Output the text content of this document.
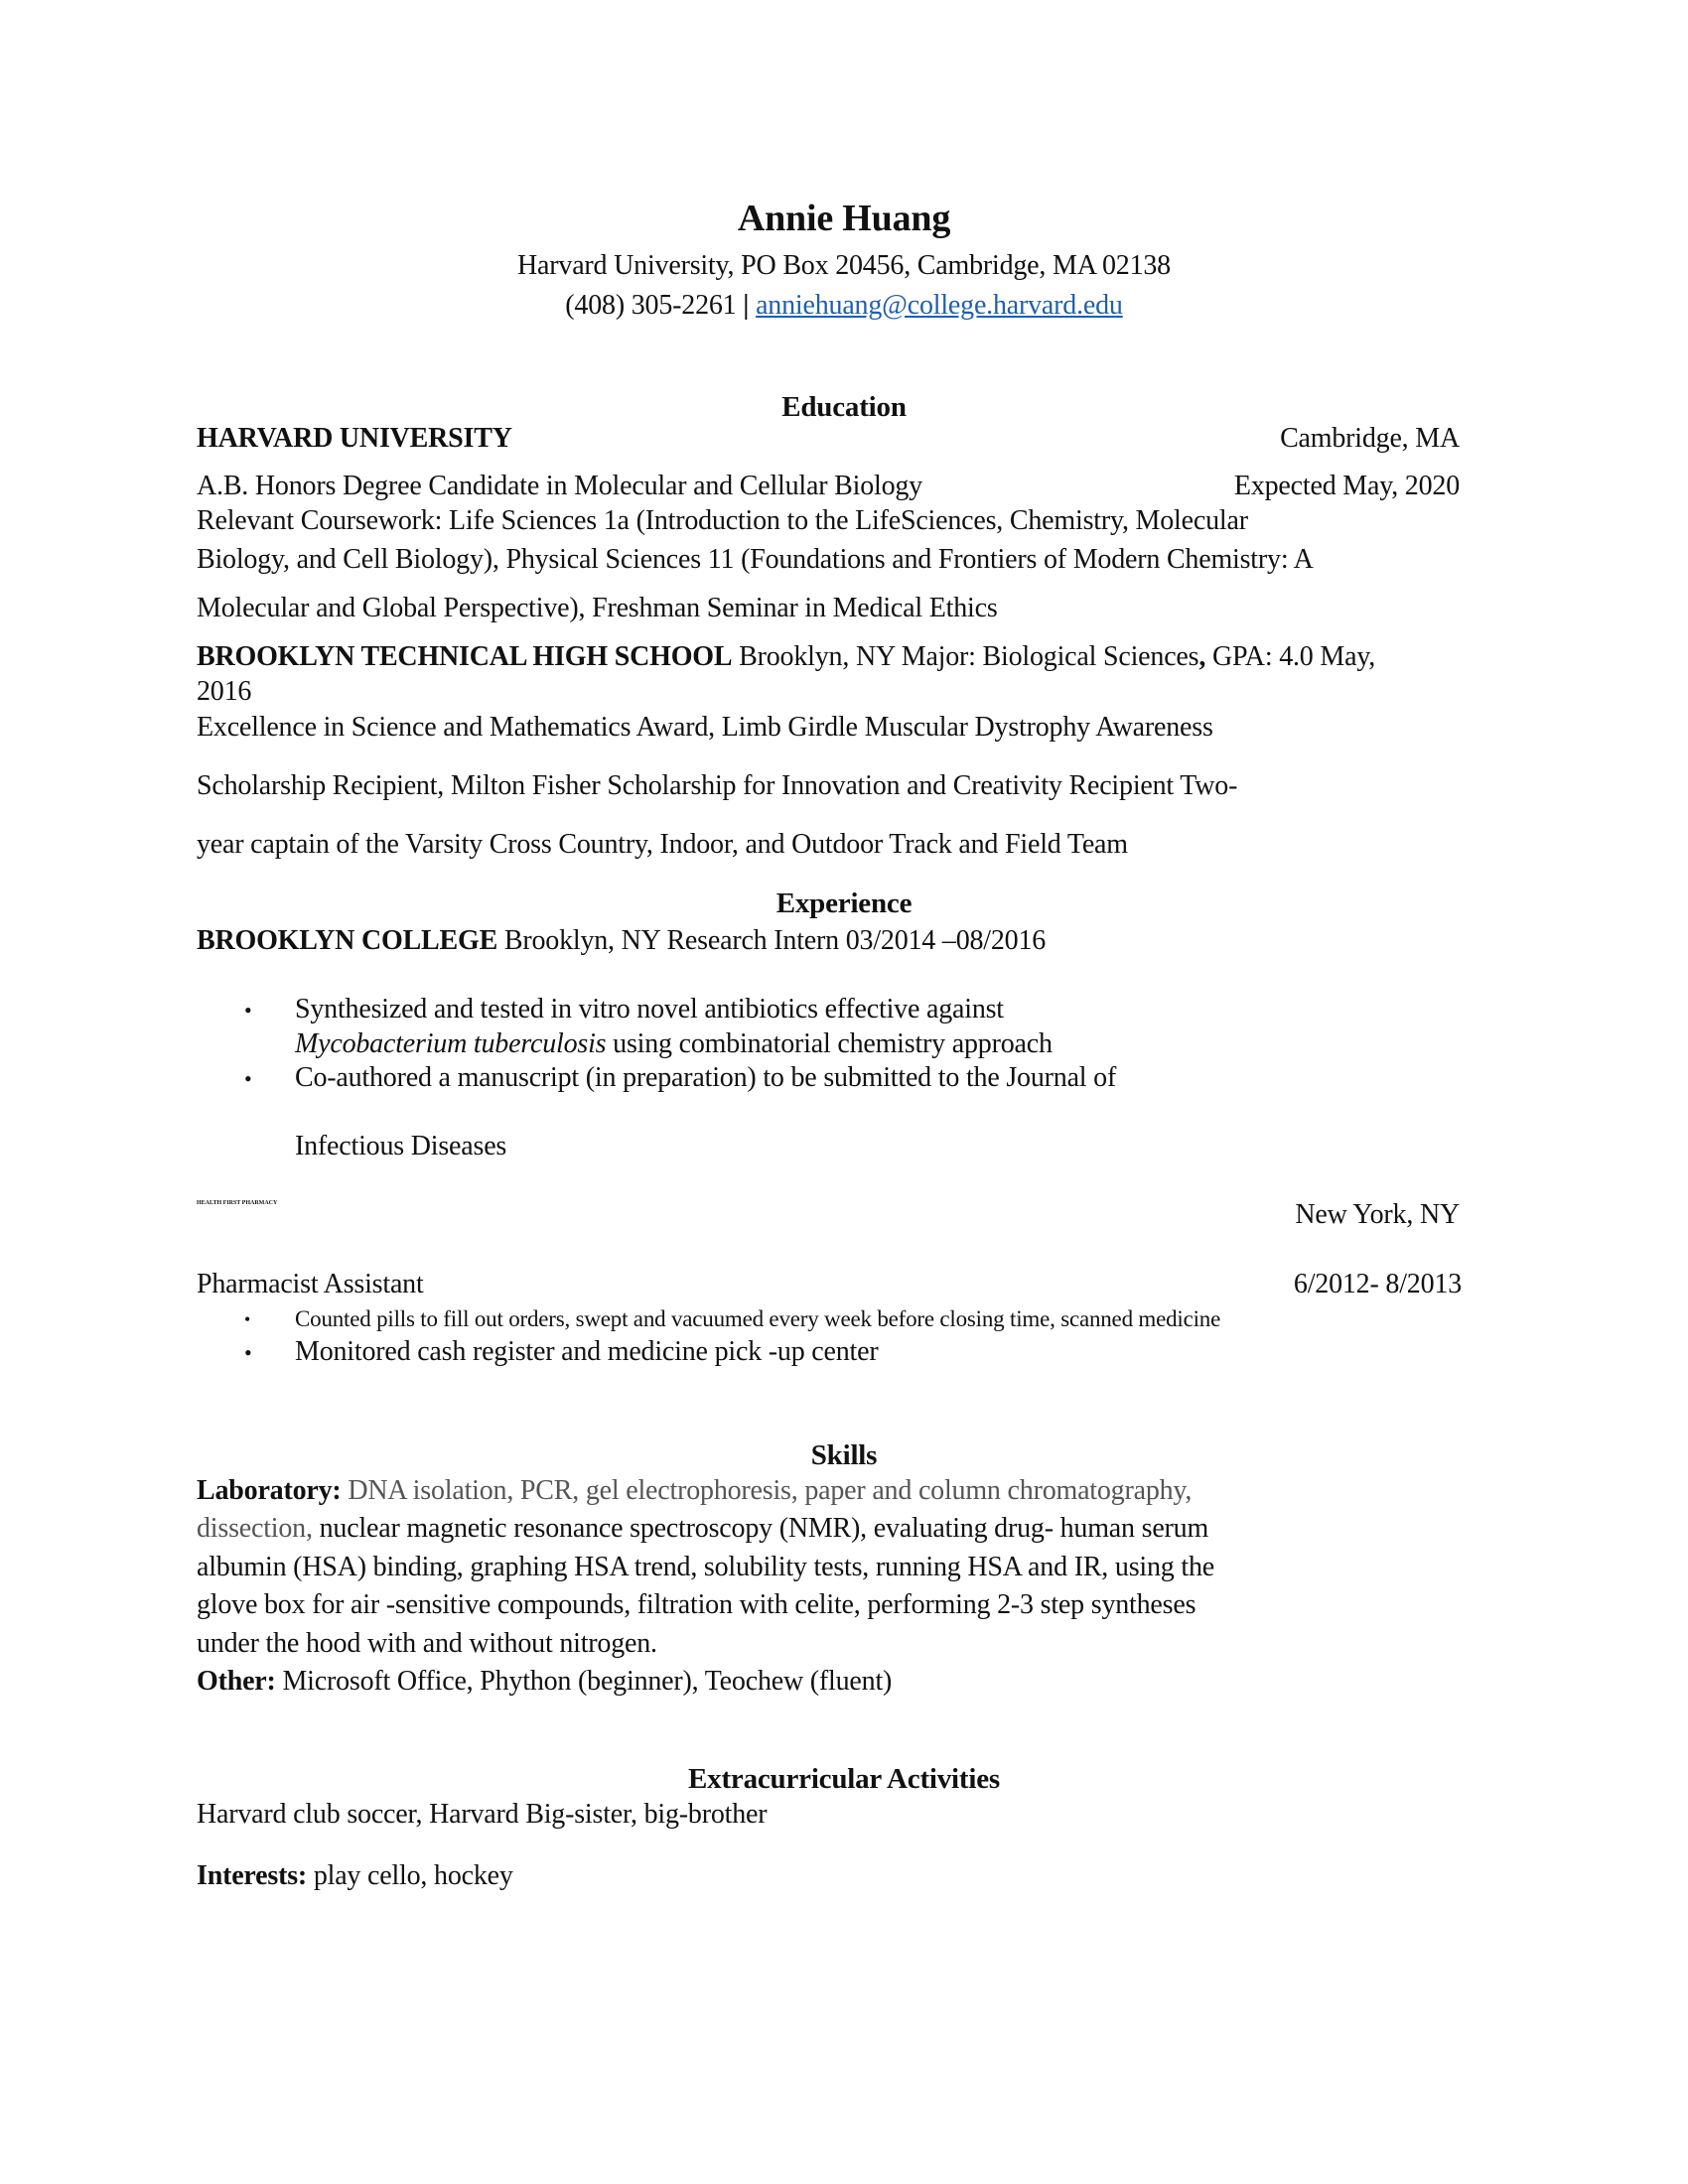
Annie Huang
Harvard University, PO Box 20456, Cambridge, MA 02138
(408) 305-2261 | anniehuang@college.harvard.edu
Education
HARVARD UNIVERSITY	Cambridge, MA
A.B. Honors Degree Candidate in Molecular and Cellular Biology	Expected May, 2020
Relevant Coursework: Life Sciences 1a (Introduction to the LifeSciences, Chemistry, Molecular
Biology, and Cell Biology), Physical Sciences 11 (Foundations and Frontiers of Modern Chemistry: A
Molecular and Global Perspective), Freshman Seminar in Medical Ethics
BROOKLYN TECHNICAL HIGH SCHOOL Brooklyn, NY Major: Biological Sciences, GPA: 4.0 May,
2016
Excellence in Science and Mathematics Award, Limb Girdle Muscular Dystrophy Awareness
Scholarship Recipient, Milton Fisher Scholarship for Innovation and Creativity Recipient Two-
year captain of the Varsity Cross Country, Indoor, and Outdoor Track and Field Team
Experience
BROOKLYN COLLEGE Brooklyn, NY Research Intern 03/2014 –08/2016
• Synthesized and tested in vitro novel antibiotics effective against
Mycobacterium tuberculosis using combinatorial chemistry approach
• Co-authored a manuscript (in preparation) to be submitted to the Journal of
Infectious Diseases
HEALTH FIRST PHARMACY	New York, NY
Pharmacist Assistant	6/2012- 8/2013
• Counted pills to fill out orders, swept and vacuumed every week before closing time, scanned medicine
• Monitored cash register and medicine pick -up center
Skills
Laboratory: DNA isolation, PCR, gel electrophoresis, paper and column chromatography,
dissection, nuclear magnetic resonance spectroscopy (NMR), evaluating drug- human serum
albumin (HSA) binding, graphing HSA trend, solubility tests, running HSA and IR, using the
glove box for air -sensitive compounds, filtration with celite, performing 2-3 step syntheses
under the hood with and without nitrogen.
Other: Microsoft Office, Phython (beginner), Teochew (fluent)
Extracurricular Activities
Harvard club soccer, Harvard Big-sister, big-brother
Interests: play cello, hockey
